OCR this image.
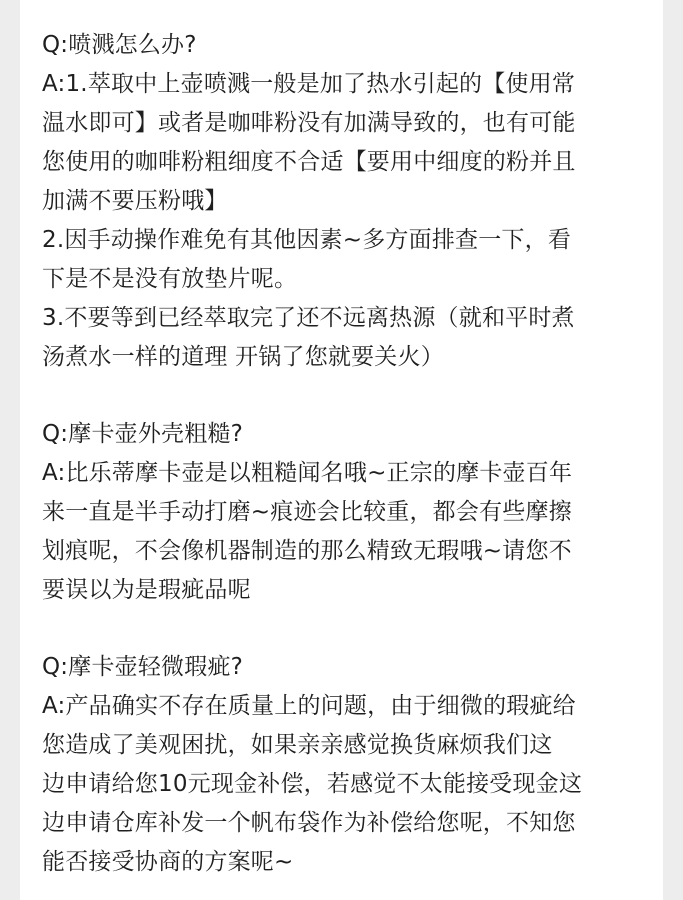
Q:喷溅怎么办?
A:1.萃取中上壶喷溅一般是加了热水引起的【使用常
温水即可】或者是咖啡粉没有加满导致的，也有可能
您使用的咖啡粉粗细度不合适【要用中细度的粉并且
加满不要压粉哦】
2.因手动操作难免有其他因素~多方面排查一下，看
下是不是没有放垫片呢。
3.不要等到已经萃取完了还不远离热源（就和平时煮
汤煮水一样的道理 开锅了您就要关火）
Q:摩卡壶外壳粗糙?
A:比乐蒂摩卡壶是以粗糙闻名哦~正宗的摩卡壶百年
来一直是半手动打磨~痕迹会比较重，都会有些摩擦
划痕呢，不会像机器制造的那么精致无瑕哦~请您不
要误以为是瑕疵品呢
Q:摩卡壶轻微瑕疵?
A:产品确实不存在质量上的问题，由于细微的瑕疵给
您造成了美观困扰，如果亲亲感觉换货麻烦我们这
边申请给您10元现金补偿，若感觉不太能接受现金这
边申请仓库补发一个帆布袋作为补偿给您呢，不知您
能否接受协商的方案呢~
